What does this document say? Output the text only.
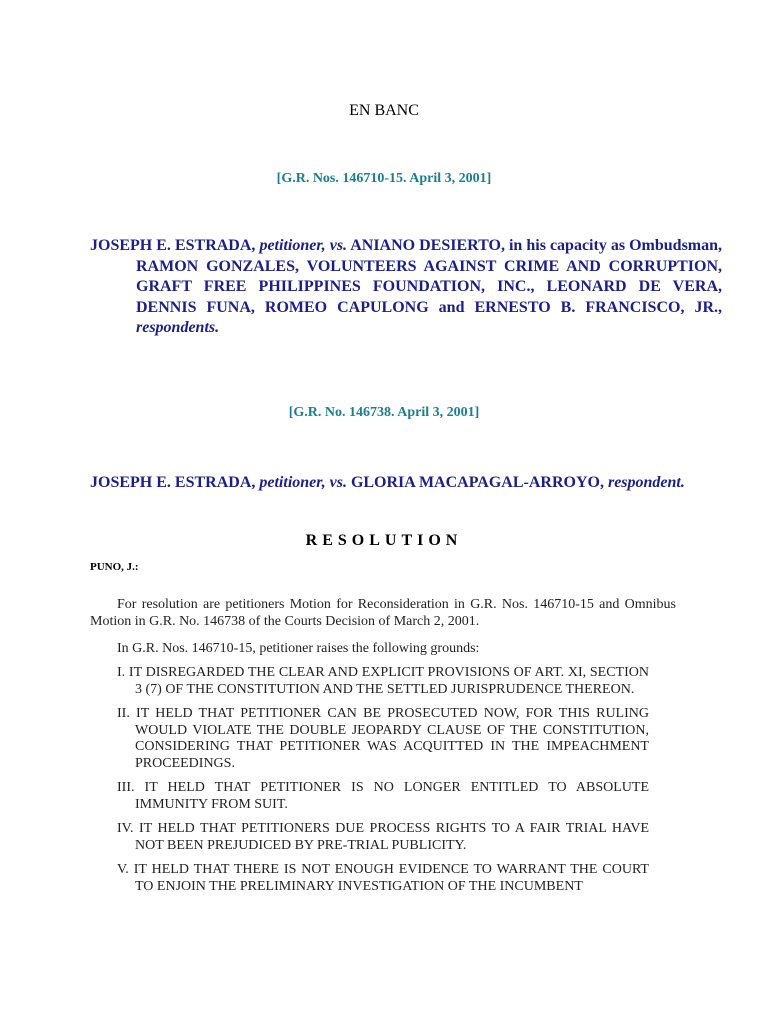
EN BANC
[G.R. Nos. 146710-15. April 3, 2001]
JOSEPH E. ESTRADA, petitioner, vs. ANIANO DESIERTO, in his capacity as Ombudsman, RAMON GONZALES, VOLUNTEERS AGAINST CRIME AND CORRUPTION, GRAFT FREE PHILIPPINES FOUNDATION, INC., LEONARD DE VERA, DENNIS FUNA, ROMEO CAPULONG and ERNESTO B. FRANCISCO, JR., respondents.
[G.R. No. 146738. April 3, 2001]
JOSEPH E. ESTRADA, petitioner, vs. GLORIA MACAPAGAL-ARROYO, respondent.
RESOLUTION
PUNO, J.:
For resolution are petitioners Motion for Reconsideration in G.R. Nos. 146710-15 and Omnibus Motion in G.R. No. 146738 of the Courts Decision of March 2, 2001.
In G.R. Nos. 146710-15, petitioner raises the following grounds:
I. IT DISREGARDED THE CLEAR AND EXPLICIT PROVISIONS OF ART. XI, SECTION 3 (7) OF THE CONSTITUTION AND THE SETTLED JURISPRUDENCE THEREON.
II. IT HELD THAT PETITIONER CAN BE PROSECUTED NOW, FOR THIS RULING WOULD VIOLATE THE DOUBLE JEOPARDY CLAUSE OF THE CONSTITUTION, CONSIDERING THAT PETITIONER WAS ACQUITTED IN THE IMPEACHMENT PROCEEDINGS.
III. IT HELD THAT PETITIONER IS NO LONGER ENTITLED TO ABSOLUTE IMMUNITY FROM SUIT.
IV. IT HELD THAT PETITIONERS DUE PROCESS RIGHTS TO A FAIR TRIAL HAVE NOT BEEN PREJUDICED BY PRE-TRIAL PUBLICITY.
V. IT HELD THAT THERE IS NOT ENOUGH EVIDENCE TO WARRANT THE COURT TO ENJOIN THE PRELIMINARY INVESTIGATION OF THE INCUMBENT
